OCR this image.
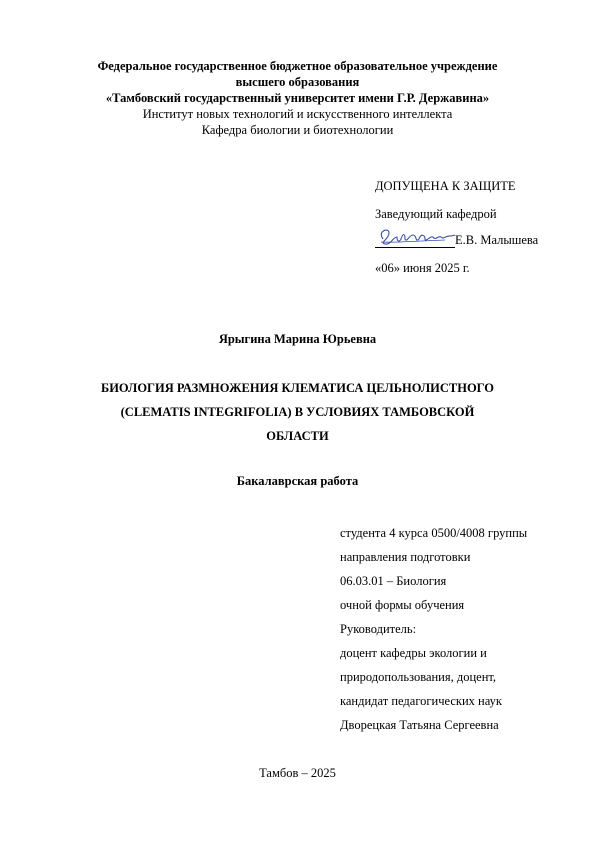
Федеральное государственное бюджетное образовательное учреждение
высшего образования
«Тамбовский государственный университет имени Г.Р. Державина»
Институт новых технологий и искусственного интеллекта
Кафедра биологии и биотехнологии
ДОПУЩЕНА К ЗАЩИТЕ
Заведующий кафедрой
Е.В. Малышева
«06» июня 2025 г.
Ярыгина Марина Юрьевна
БИОЛОГИЯ РАЗМНОЖЕНИЯ КЛЕМАТИСА ЦЕЛЬНОЛИСТНОГО
(CLEMATIS INTEGRIFOLIA) В УСЛОВИЯХ ТАМБОВСКОЙ
ОБЛАСТИ
Бакалаврская работа
студента 4 курса 0500/4008 группы
направления подготовки
06.03.01 – Биология
очной формы обучения
Руководитель:
доцент кафедры экологии и
природопользования, доцент,
кандидат педагогических наук
Дворецкая Татьяна Сергеевна
Тамбов – 2025
